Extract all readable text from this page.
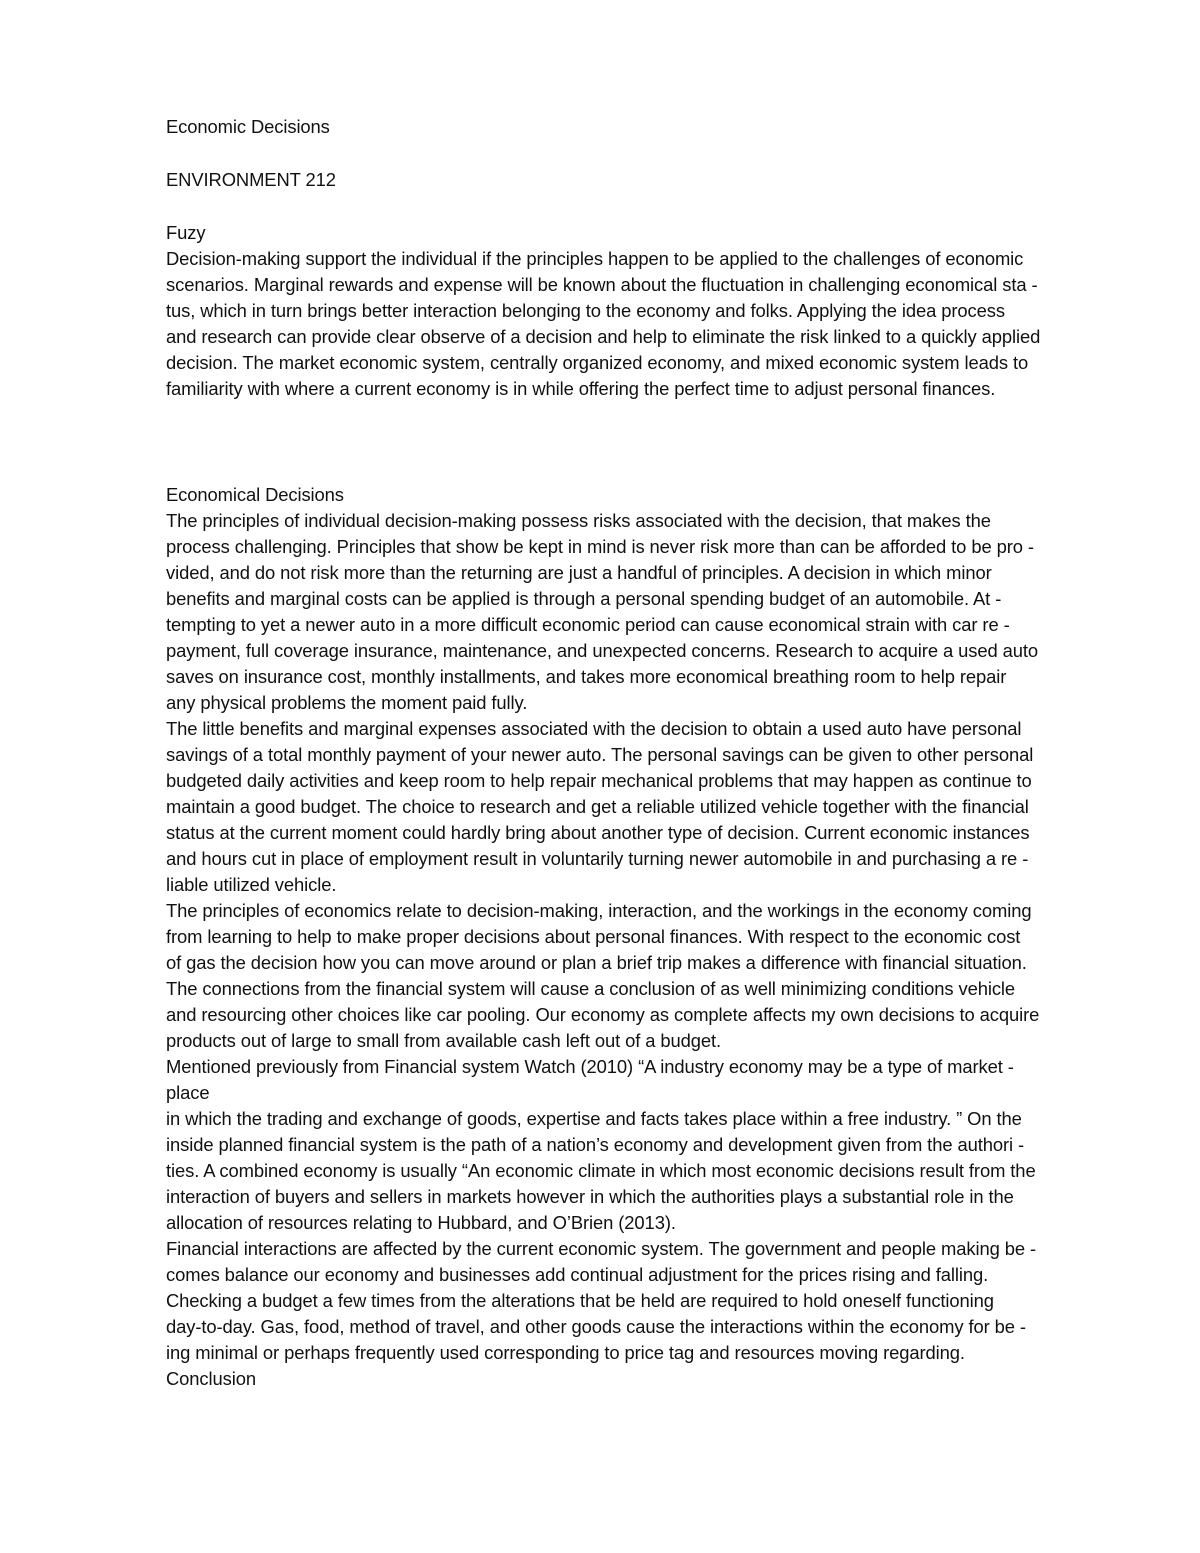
Economic Decisions
ENVIRONMENT 212
Fuzy
Decision-making support the individual if the principles happen to be applied to the challenges of economic
scenarios. Marginal rewards and expense will be known about the fluctuation in challenging economical sta -
tus, which in turn brings better interaction belonging to the economy and folks. Applying the idea process
and research can provide clear observe of a decision and help to eliminate the risk linked to a quickly applied
decision. The market economic system, centrally organized economy, and mixed economic system leads to
familiarity with where a current economy is in while offering the perfect time to adjust personal finances.
Economical Decisions
The principles of individual decision-making possess risks associated with the decision, that makes the
process challenging. Principles that show be kept in mind is never risk more than can be afforded to be pro -
vided, and do not risk more than the returning are just a handful of principles. A decision in which minor
benefits and marginal costs can be applied is through a personal spending budget of an automobile. At -
tempting to yet a newer auto in a more difficult economic period can cause economical strain with car re -
payment, full coverage insurance, maintenance, and unexpected concerns. Research to acquire a used auto
saves on insurance cost, monthly installments, and takes more economical breathing room to help repair
any physical problems the moment paid fully.
The little benefits and marginal expenses associated with the decision to obtain a used auto have personal
savings of a total monthly payment of your newer auto. The personal savings can be given to other personal
budgeted daily activities and keep room to help repair mechanical problems that may happen as continue to
maintain a good budget. The choice to research and get a reliable utilized vehicle together with the financial
status at the current moment could hardly bring about another type of decision. Current economic instances
and hours cut in place of employment result in voluntarily turning newer automobile in and purchasing a re -
liable utilized vehicle.
The principles of economics relate to decision-making, interaction, and the workings in the economy coming
from learning to help to make proper decisions about personal finances. With respect to the economic cost
of gas the decision how you can move around or plan a brief trip makes a difference with financial situation.
The connections from the financial system will cause a conclusion of as well minimizing conditions vehicle
and resourcing other choices like car pooling. Our economy as complete affects my own decisions to acquire
products out of large to small from available cash left out of a budget.
Mentioned previously from Financial system Watch (2010) “A industry economy may be a type of market -
place
in which the trading and exchange of goods, expertise and facts takes place within a free industry. ” On the
inside planned financial system is the path of a nation’s economy and development given from the authori -
ties. A combined economy is usually “An economic climate in which most economic decisions result from the
interaction of buyers and sellers in markets however in which the authorities plays a substantial role in the
allocation of resources relating to Hubbard, and O’Brien (2013).
Financial interactions are affected by the current economic system. The government and people making be -
comes balance our economy and businesses add continual adjustment for the prices rising and falling.
Checking a budget a few times from the alterations that be held are required to hold oneself functioning
day-to-day. Gas, food, method of travel, and other goods cause the interactions within the economy for be -
ing minimal or perhaps frequently used corresponding to price tag and resources moving regarding.
Conclusion
